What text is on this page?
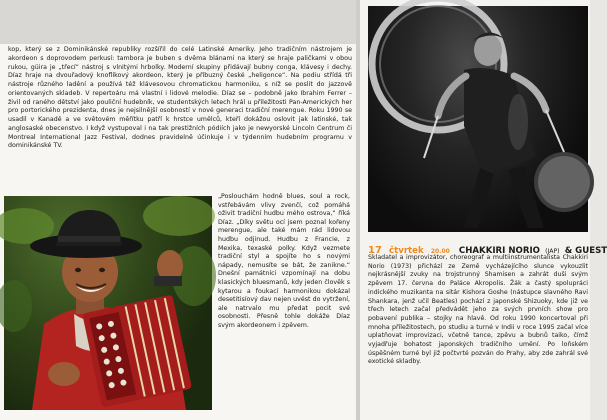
kop, který se z Dominikánské republiky rozšířil do celé Latinské Ameriky. Jeho tradičním nástrojem je akordeon s doprovodem perkusí: tambora je buben s dvěma blánami na který se hraje paličkami v obou rukou, güira je „třecí“ nástroj s vlnitými hrbolky. Moderní skupiny přidávají bubny conga, klávesy i dechy. Díaz hraje na dvouřadový knoflíkový akordeon, který je příbuzný české „heligonce“. Na podiu střídá tři nástroje různého ladění a používá též klávesovou chromatickou harmoniku, s níž se poslit do jazzově orientovaných skladeb. V repertoáru má vlastní i lidové melodie. Díaz se – podobně jako Ibrahim Ferrer – živil od raného dětství jako pouliční hudebník, ve studentských letech hrál u příležitosti Pan-Amerických her pro portorického prezidenta, dnes je nejsilnější osobností v nové generaci tradiční merengue. Roku 1990 se usadil v Kanadě a ve světovém měřítku patří k hrstce umělců, kteří dokážou oslovit jak latinské, tak anglosaské obecenstvo. I když vystupoval i na tak prestižních pódiích jako je newyorské Lincoln Centrum či Montreal International Jazz Festival, dodnes pravidelně účinkuje i v týdenním hudebním programu v dominikánské TV.

„Poslouchám hodně blues, soul a rock, vstřebávám vlivy zvenčí, což pomáhá oživit tradiční hudbu mého ostrova,“ říká Díaz. „Díky světu ocí jsem poznal kořeny merengue, ale také mám rád lidovou hudbu odjinud. Hudbu z Francie, z Mexika, texaské polky. Když vezmete tradiční styl a spojíte ho s novými nápady, nemusíte se bát, že zanikne.“ Dnešní památníci vzpomínají na dobu klasických bluesmanů, kdy jeden člověk s kytarou a foukací harmonikou dokázal desetitisíový dav nejen uvést do vytržení, ale natrvalo mu předat pocit své osobnosti. Přesně tohle dokáže Díaz svým akordeonem i zpěvem.

17 čtvrtek 20.00 CHAKKIRI NORIO (JAP) & GUEST

Skladatel a improvizátor, choreograf a multiinstrumentalista Chakkiri Norio (1973) přichází ze Země vycházejícího slunce vykouzlit nejkrásnější zvuky na trojstrunný Shamisen a zahrát duši svým zpěvem 17. června do Paláce Akropolis. Žák a častý spolupráci indického muzikanta na sitár Kishora Goshe (nástupce slavného Ravi Shankara, jenž učil Beatles) pochází z japonské Shizuoky, kde již ve třech letech začal předvádět jeho za svých prvních show pro pobavení publika – stojky na hlavě. Od roku 1990 koncertoval při mnoha příležitostech, po studiu a turné v Indii v roce 1995 začal více uplatňovat improvizaci, včetně tance, zpěvu a bubnů taiko, čímž vyjadřuje bohatost japonských tradičního umění. Po loňském úspěšném turné byl již počtvrté pozván do Prahy, aby zde zahrál své exotické skladby.
